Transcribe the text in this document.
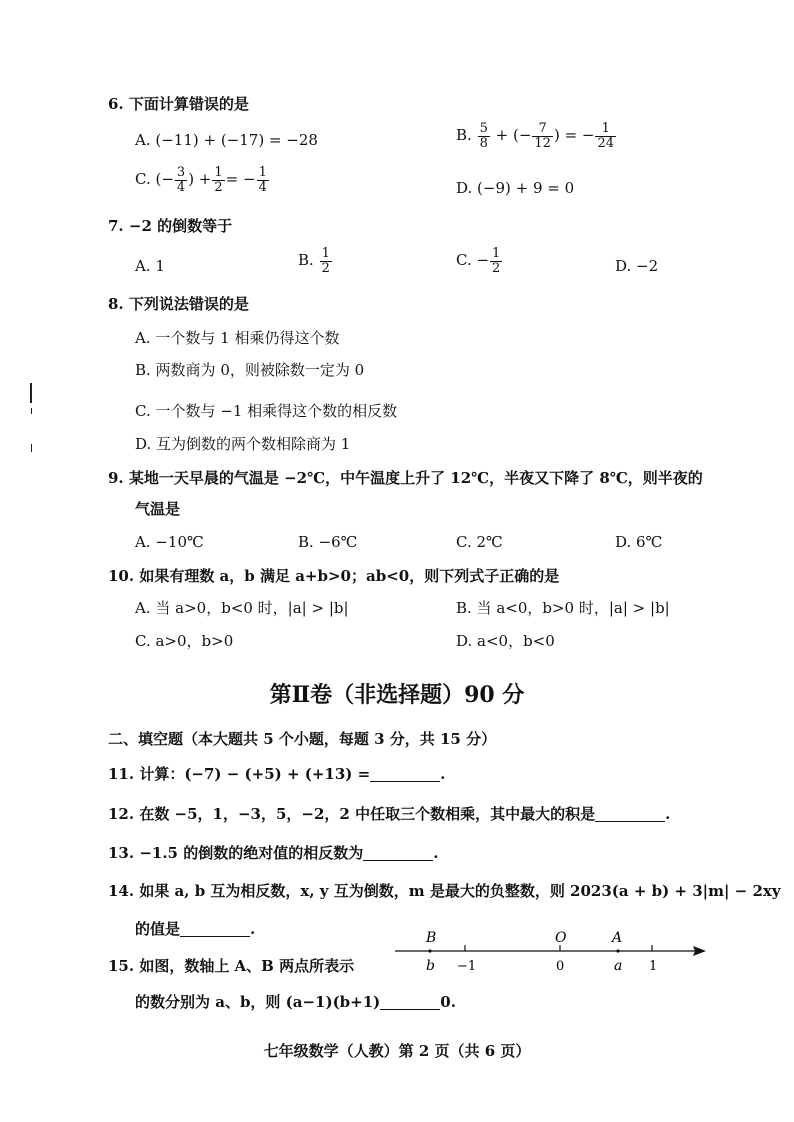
6. 下面计算错误的是
A. (−11) + (−17) = −28	B. $\frac{5}{8}$ + (− $\frac{7}{12}$ ) = − $\frac{1}{24}$
C. (− $\frac{3}{4}$ ) + $\frac{1}{2}$ = − $\frac{1}{4}$	D. (−9) + 9 = 0
7. −2 的倒数等于
A. 1	B. $\frac{1}{2}$	C. − $\frac{1}{2}$	D. −2
8. 下列说法错误的是
A. 一个数与 1 相乘仍得这个数
B. 两数商为 0，则被除数一定为 0
C. 一个数与 −1 相乘得这个数的相反数
D. 互为倒数的两个数相除商为 1
9. 某地一天早晨的气温是 −2℃，中午温度上升了 12℃，半夜又下降了 8℃，则半夜的
气温是
A. −10℃	B. −6℃	C. 2℃	D. 6℃
10. 如果有理数 a，b 满足 a+b>0；ab<0，则下列式子正确的是
A. 当 a>0，b<0 时，|a| > |b|	B. 当 a<0，b>0 时，|a| > |b|
C. a>0，b>0	D. a<0，b<0
第Ⅱ卷（非选择题）90 分
二、填空题（本大题共 5 个小题，每题 3 分，共 15 分）
11. 计算：(−7) − (+5) + (+13) =	.
12. 在数 −5，1，−3，5，−2，2 中任取三个数相乘，其中最大的积是	.
13. −1.5 的倒数的绝对值的相反数为	.
14. 如果 a, b 互为相反数，x, y 互为倒数，m 是最大的负整数，则 2023(a + b) + 3|m| − 2xy
的值是	.
15. 如图，数轴上 A、B 两点所表示
的数分别为 a、b，则 (a−1)(b+1)	0.
B	O	A
b −1	0	a 1
七年级数学（人教）第 2 页（共 6 页）
